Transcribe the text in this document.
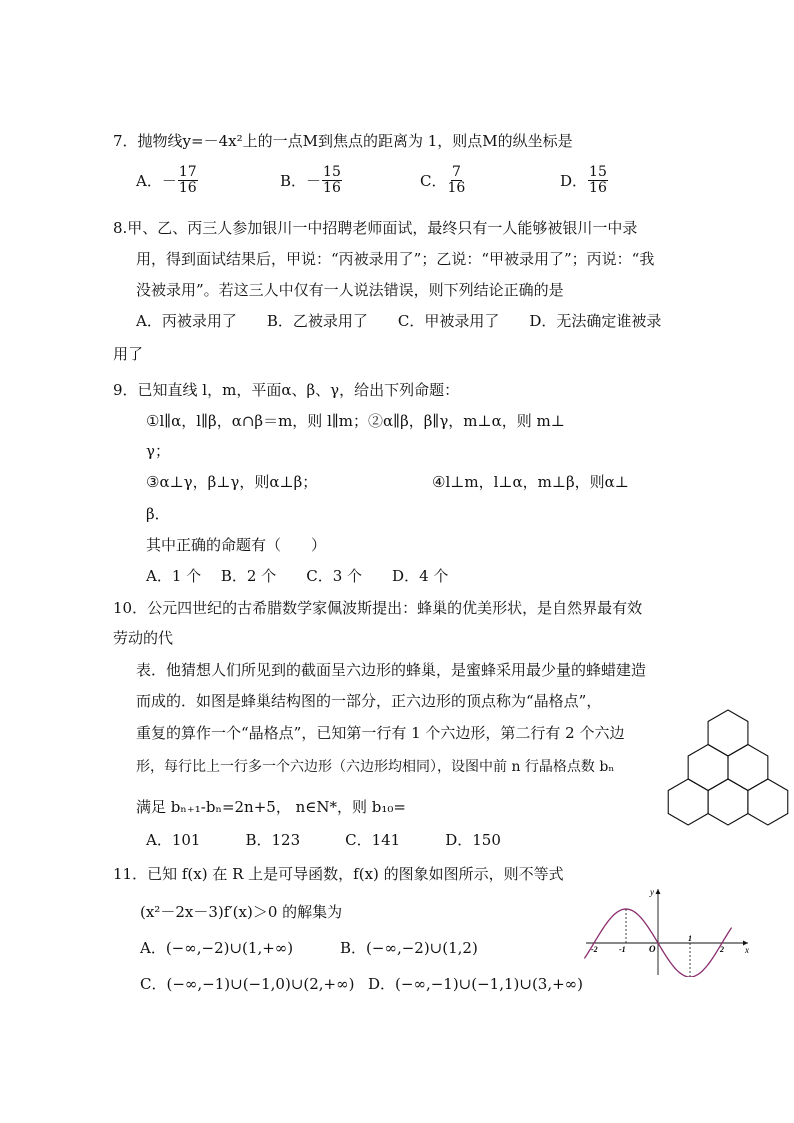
7．抛物线y=－4x²上的一点M到焦点的距离为 1，则点M的纵坐标是
A．－ $\frac{17}{16}$	B．－ $\frac{15}{16}$	C． $\frac{7}{16}$	D． $\frac{15}{16}$
8.甲、乙、丙三人参加银川一中招聘老师面试，最终只有一人能够被银川一中录
用，得到面试结果后，甲说：“丙被录用了”；乙说：“甲被录用了”；丙说：“我
没被录用”。若这三人中仅有一人说法错误，则下列结论正确的是
A．丙被录用了　　B．乙被录用了　　C．甲被录用了　　D．无法确定谁被录
用了
9．已知直线 l，m，平面α、β、γ，给出下列命题：
①l∥α，l∥β，α∩β＝m，则 l∥m；②α∥β，β∥γ，m⊥α，则 m⊥
γ；
③α⊥γ，β⊥γ，则α⊥β；	④l⊥m，l⊥α，m⊥β，则α⊥
β．
其中正确的命题有（　　）
A．1 个　 B．2 个　　C．3 个　　D．4 个
10．公元四世纪的古希腊数学家佩波斯提出：蜂巢的优美形状，是自然界最有效
劳动的代
表．他猜想人们所见到的截面呈六边形的蜂巢，是蜜蜂采用最少量的蜂蜡建造
而成的．如图是蜂巢结构图的一部分，正六边形的顶点称为“晶格点”，
重复的算作一个“晶格点”，已知第一行有 1 个六边形，第二行有 2 个六边
形，每行比上一行多一个六边形（六边形均相同），设图中前 n 行晶格点数 bₙ
满足 bₙ₊₁-bₙ=2n+5， n∈N*，则 b₁₀=
A．101　　　B．123　　　C．141　　　D．150
11．已知 f(x) 在 R 上是可导函数，f(x) 的图象如图所示，则不等式
(x²－2x－3)f′(x)＞0 的解集为
A．(−∞,−2)∪(1,+∞)	B．(−∞,−2)∪(1,2)
C．(−∞,−1)∪(−1,0)∪(2,+∞) D．(−∞,−1)∪(−1,1)∪(3,+∞)
y
x
-2	-1	O
1
2
